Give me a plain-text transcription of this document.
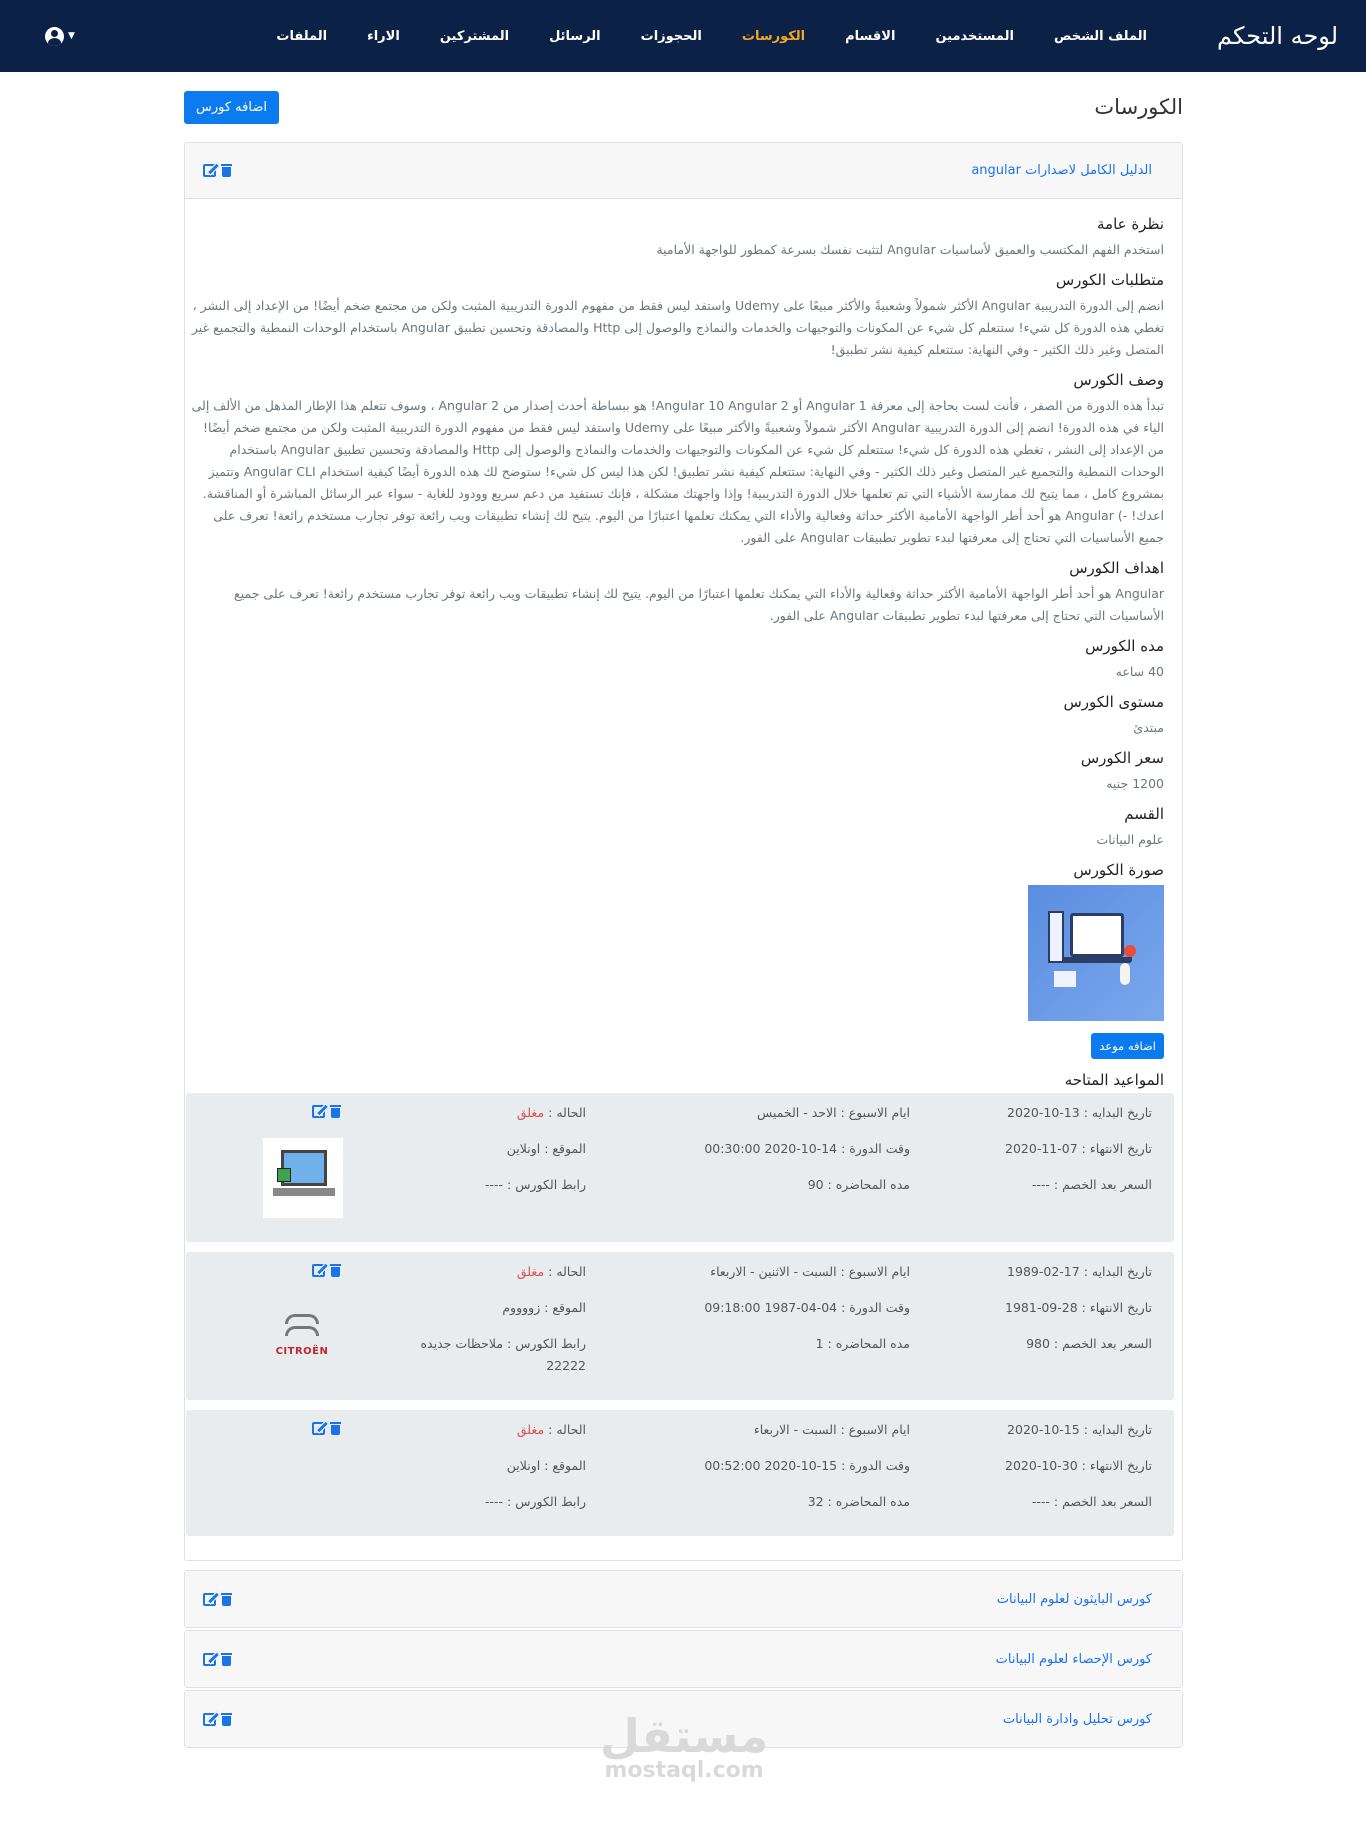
لوحه التحكم
الملف الشخص
المستخدمين
الاقسام
الكورسات
الحجوزات
الرسائل
المشتركين
الاراء
الملفات
▼
الكورسات
اضافه كورس
الدليل الكامل لاصدارات angular
نظرة عامة
استخدم الفهم المكتسب والعميق لأساسيات Angular لتثبت نفسك بسرعة كمطور للواجهة الأمامية
متطلبات الكورس
انضم إلى الدورة التدريبية Angular الأكثر شمولاً وشعبيةً والأكثر مبيعًا على Udemy واستفد ليس فقط من مفهوم الدورة التدريبية المثبت ولكن من مجتمع ضخم أيضًا! من الإعداد إلى النشر ، تغطي هذه الدورة كل شيء! ستتعلم كل شيء عن المكونات والتوجيهات والخدمات والنماذج والوصول إلى Http والمصادقة وتحسين تطبيق Angular باستخدام الوحدات النمطية والتجميع غير المتصل وغير ذلك الكثير - وفي النهاية: ستتعلم كيفية نشر تطبيق!
وصف الكورس
تبدأ هذه الدورة من الصفر ، فأنت لست بحاجة إلى معرفة Angular 1 أو Angular 10 Angular 2! هو ببساطة أحدث إصدار من Angular 2 ، وسوف تتعلم هذا الإطار المذهل من الألف إلى الياء في هذه الدورة! انضم إلى الدورة التدريبية Angular الأكثر شمولاً وشعبيةً والأكثر مبيعًا على Udemy واستفد ليس فقط من مفهوم الدورة التدريبية المثبت ولكن من مجتمع ضخم أيضًا! من الإعداد إلى النشر ، تغطي هذه الدورة كل شيء! ستتعلم كل شيء عن المكونات والتوجيهات والخدمات والنماذج والوصول إلى Http والمصادقة وتحسين تطبيق Angular باستخدام الوحدات النمطية والتجميع غير المتصل وغير ذلك الكثير - وفي النهاية: ستتعلم كيفية نشر تطبيق! لكن هذا ليس كل شيء! ستوضح لك هذه الدورة أيضًا كيفية استخدام Angular CLI وتتميز بمشروع كامل ، مما يتيح لك ممارسة الأشياء التي تم تعلمها خلال الدورة التدريبية! وإذا واجهتك مشكلة ، فإنك تستفيد من دعم سريع وودود للغاية - سواء عبر الرسائل المباشرة أو المناقشة. اعدك! -) Angular هو أحد أطر الواجهة الأمامية الأكثر حداثة وفعالية والأداء التي يمكنك تعلمها اعتبارًا من اليوم. يتيح لك إنشاء تطبيقات ويب رائعة توفر تجارب مستخدم رائعة! تعرف على جميع الأساسيات التي تحتاج إلى معرفتها لبدء تطوير تطبيقات Angular على الفور.
اهداف الكورس
Angular هو أحد أطر الواجهة الأمامية الأكثر حداثة وفعالية والأداء التي يمكنك تعلمها اعتبارًا من اليوم. يتيح لك إنشاء تطبيقات ويب رائعة توفر تجارب مستخدم رائعة! تعرف على جميع الأساسيات التي تحتاج إلى معرفتها لبدء تطوير تطبيقات Angular على الفور.
مده الكورس
40 ساعه
مستوى الكورس
مبتدئ
سعر الكورس
1200 جنيه
القسم
علوم البيانات
صورة الكورس
اضافه موعد
المواعيد المتاحه
تاريخ البدايه : 13-10-2020
تاريخ الانتهاء : 07-11-2020
السعر بعد الخصم : ----
ايام الاسبوع : الاحد - الخميس
وقت الدورة : 14-10-2020 00:30:00
مده المحاضره : 90
الحاله : مغلق
الموقع : اونلاين
رابط الكورس : ----
تاريخ البدايه : 17-02-1989
تاريخ الانتهاء : 28-09-1981
السعر بعد الخصم : 980
ايام الاسبوع : السبت - الاثنين - الاربعاء
وقت الدورة : 04-04-1987 09:18:00
مده المحاضره : 1
الحاله : مغلق
الموقع : زووووم
رابط الكورس : ملاحظات جديده
22222
CITROËN
تاريخ البدايه : 15-10-2020
تاريخ الانتهاء : 30-10-2020
السعر بعد الخصم : ----
ايام الاسبوع : السبت - الاربعاء
وقت الدورة : 15-10-2020 00:52:00
مده المحاضره : 32
الحاله : مغلق
الموقع : اونلاين
رابط الكورس : ----
كورس البايثون لعلوم البيانات
كورس الإحصاء لعلوم البيانات
كورس تحليل وادارة البيانات
مستقل
mostaql.com
